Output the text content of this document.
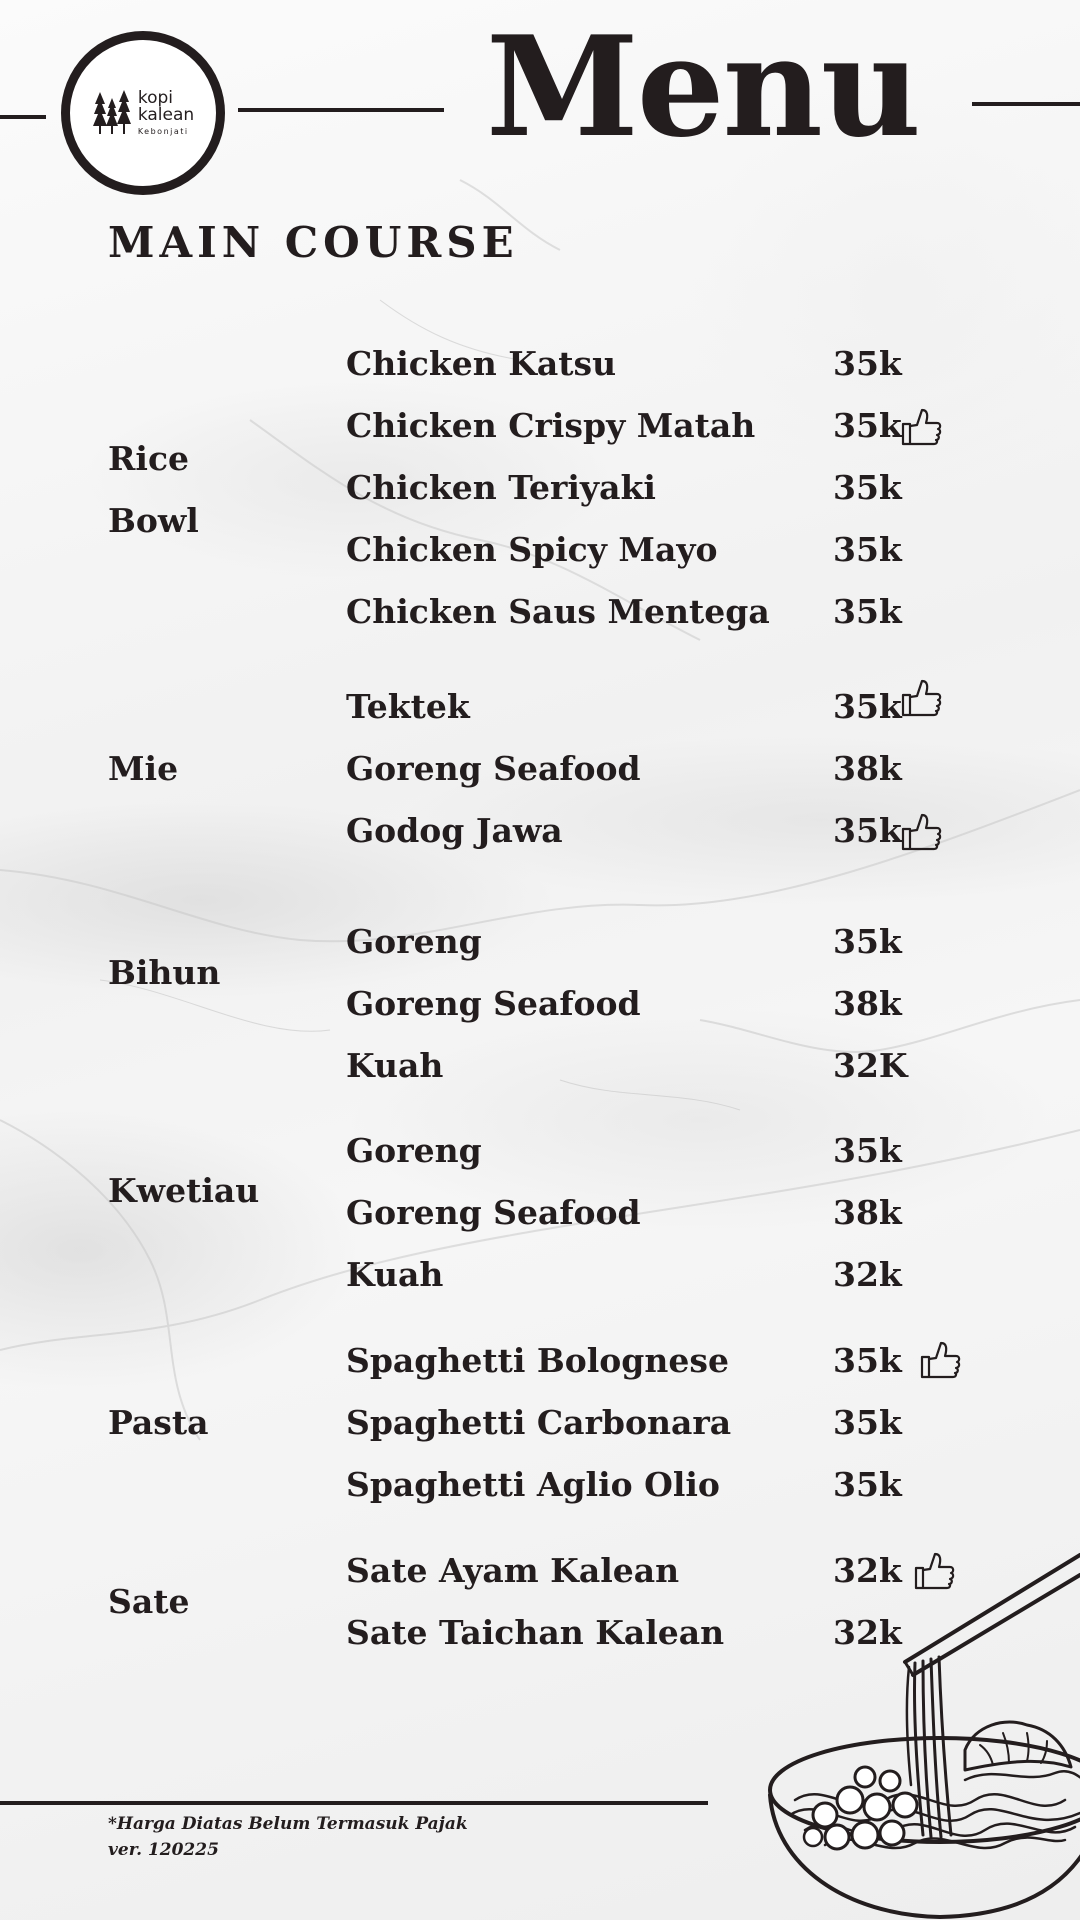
kopi
kalean
Kebonjati Menu
MAIN COURSE
Rice
Bowl
Chicken Katsu	35k
Chicken Crispy Matah	35k
Chicken Teriyaki	35k
Chicken Spicy Mayo	35k
Chicken Saus Mentega	35k
Mie
Tektek	35k
Goreng Seafood	38k
Godog Jawa	35k
Bihun
Goreng	35k
Goreng Seafood	38k
Kuah	32K
Kwetiau
Goreng	35k
Goreng Seafood	38k
Kuah	32k
Pasta
Spaghetti Bolognese	35k
Spaghetti Carbonara	35k
Spaghetti Aglio Olio	35k
Sate
Sate Ayam Kalean	32k
Sate Taichan Kalean	32k
*Harga Diatas Belum Termasuk Pajak
ver. 120225
